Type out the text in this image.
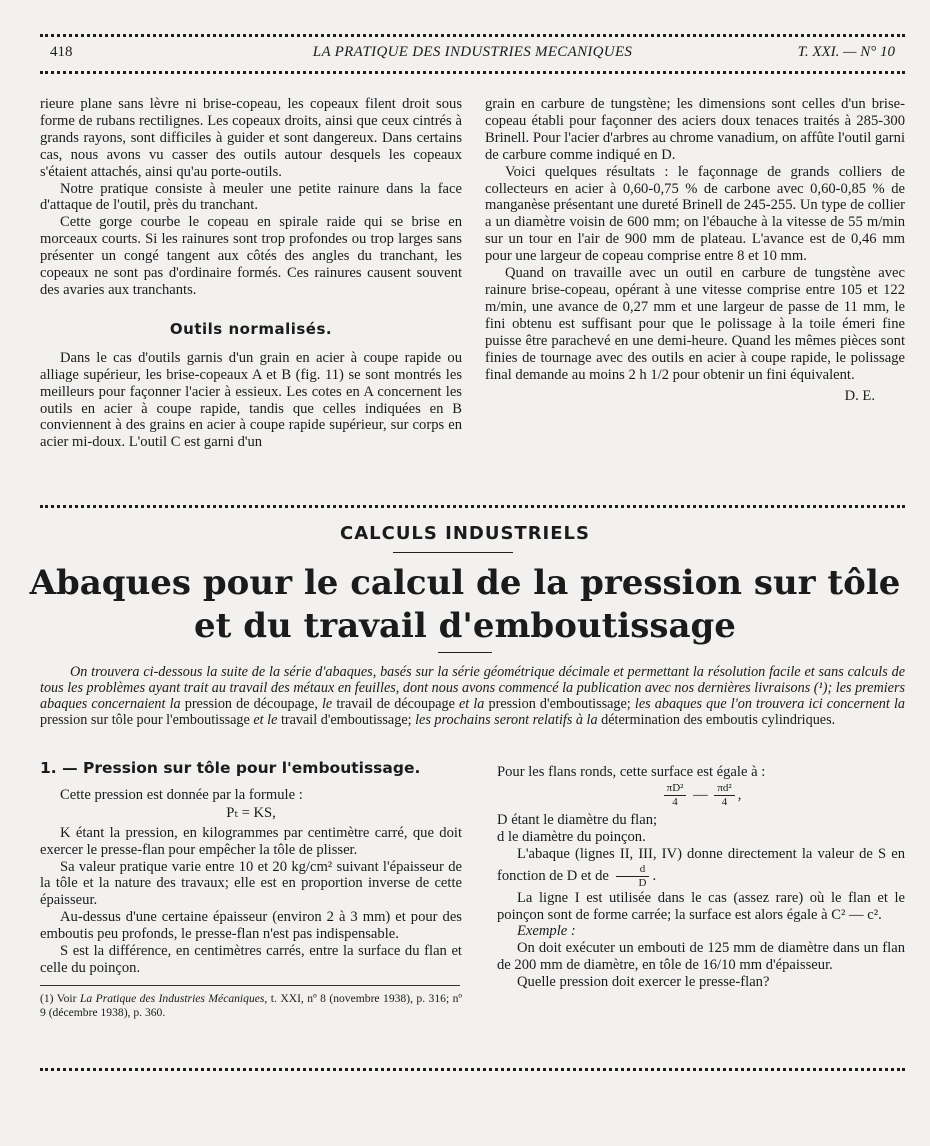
418	LA PRATIQUE DES INDUSTRIES MECANIQUES	T. XXI. — N° 10

rieure plane sans lèvre ni brise-copeau, les copeaux filent droit sous forme de rubans rectilignes. Les copeaux droits, ainsi que ceux cintrés à grands rayons, sont difficiles à guider et sont dangereux. Dans certains cas, nous avons vu casser des outils autour desquels les copeaux s'étaient attachés, ainsi qu'au porte-outils.

Notre pratique consiste à meuler une petite rainure dans la face d'attaque de l'outil, près du tranchant.

Cette gorge courbe le copeau en spirale raide qui se brise en morceaux courts. Si les rainures sont trop profondes ou trop larges sans présenter un congé tangent aux côtés des angles du tranchant, les copeaux ne sont pas d'ordinaire formés. Ces rainures causent souvent des avaries aux tranchants.

Outils normalisés.

Dans le cas d'outils garnis d'un grain en acier à coupe rapide ou alliage supérieur, les brise-copeaux A et B (fig. 11) se sont montrés les meilleurs pour façonner l'acier à essieux. Les cotes en A concernent les outils en acier à coupe rapide, tandis que celles indiquées en B conviennent à des grains en acier à coupe rapide supérieur, sur corps en acier mi-doux. L'outil C est garni d'un

grain en carbure de tungstène; les dimensions sont celles d'un brise-copeau établi pour façonner des aciers doux tenaces traités à 285-300 Brinell. Pour l'acier d'arbres au chrome vanadium, on affûte l'outil garni de carbure comme indiqué en D.

Voici quelques résultats : le façonnage de grands colliers de collecteurs en acier à 0,60-0,75 % de carbone avec 0,60-0,85 % de manganèse présentant une dureté Brinell de 245-255. Un type de collier a un diamètre voisin de 600 mm; on l'ébauche à la vitesse de 55 m/min sur un tour en l'air de 900 mm de plateau. L'avance est de 0,46 mm pour une largeur de copeau comprise entre 8 et 10 mm.

Quand on travaille avec un outil en carbure de tungstène avec rainure brise-copeau, opérant à une vitesse comprise entre 105 et 122 m/min, une avance de 0,27 mm et une largeur de passe de 11 mm, le fini obtenu est suffisant pour que le polissage à la toile émeri fine puisse être parachevé en une demi-heure. Quand les mêmes pièces sont finies de tournage avec des outils en acier à coupe rapide, le polissage final demande au moins 2 h 1/2 pour obtenir un fini équivalent.

D. E.
CALCULS INDUSTRIELS
Abaques pour le calcul de la pression sur tôle
et du travail d'emboutissage

On trouvera ci-dessous la suite de la série d'abaques, basés sur la série géométrique décimale et permettant la résolution facile et sans calculs de tous les problèmes ayant trait au travail des métaux en feuilles, dont nous avons commencé la publication avec nos dernières livraisons (¹); les premiers abaques concernaient la pression de découpage, le travail de découpage et la pression d'emboutissage; les abaques que l'on trouvera ici concernent la pression sur tôle pour l'emboutissage et le travail d'emboutissage; les prochains seront relatifs à la détermination des emboutis cylindriques.

1. — Pression sur tôle pour l'emboutissage.

Cette pression est donnée par la formule :

Pₜ = KS,

K étant la pression, en kilogrammes par centimètre carré, que doit exercer le presse-flan pour empêcher la tôle de plisser.

Sa valeur pratique varie entre 10 et 20 kg/cm² suivant l'épaisseur de la tôle et la nature des travaux; elle est en proportion inverse de cette épaisseur.

Au-dessus d'une certaine épaisseur (environ 2 à 3 mm) et pour des emboutis peu profonds, le presse-flan n'est pas indispensable.

S est la différence, en centimètres carrés, entre la surface du flan et celle du poinçon.

(1) Voir La Pratique des Industries Mécaniques, t. XXI, nº 8 (novembre 1938), p. 316; nº 9 (décembre 1938), p. 360.

Pour les flans ronds, cette surface est égale à :

$\frac{\text{πD²}}{4}$ — $\frac{\text{πd²}}{4}$ ,

D étant le diamètre du flan;

d le diamètre du poinçon.

L'abaque (lignes II, III, IV) donne directement la valeur de S en fonction de D et de $\frac{d}{D}$ .

La ligne I est utilisée dans le cas (assez rare) où le flan et le poinçon sont de forme carrée; la surface est alors égale à C² — c².

Exemple :

On doit exécuter un embouti de 125 mm de diamètre dans un flan de 200 mm de diamètre, en tôle de 16/10 mm d'épaisseur.

Quelle pression doit exercer le presse-flan?
